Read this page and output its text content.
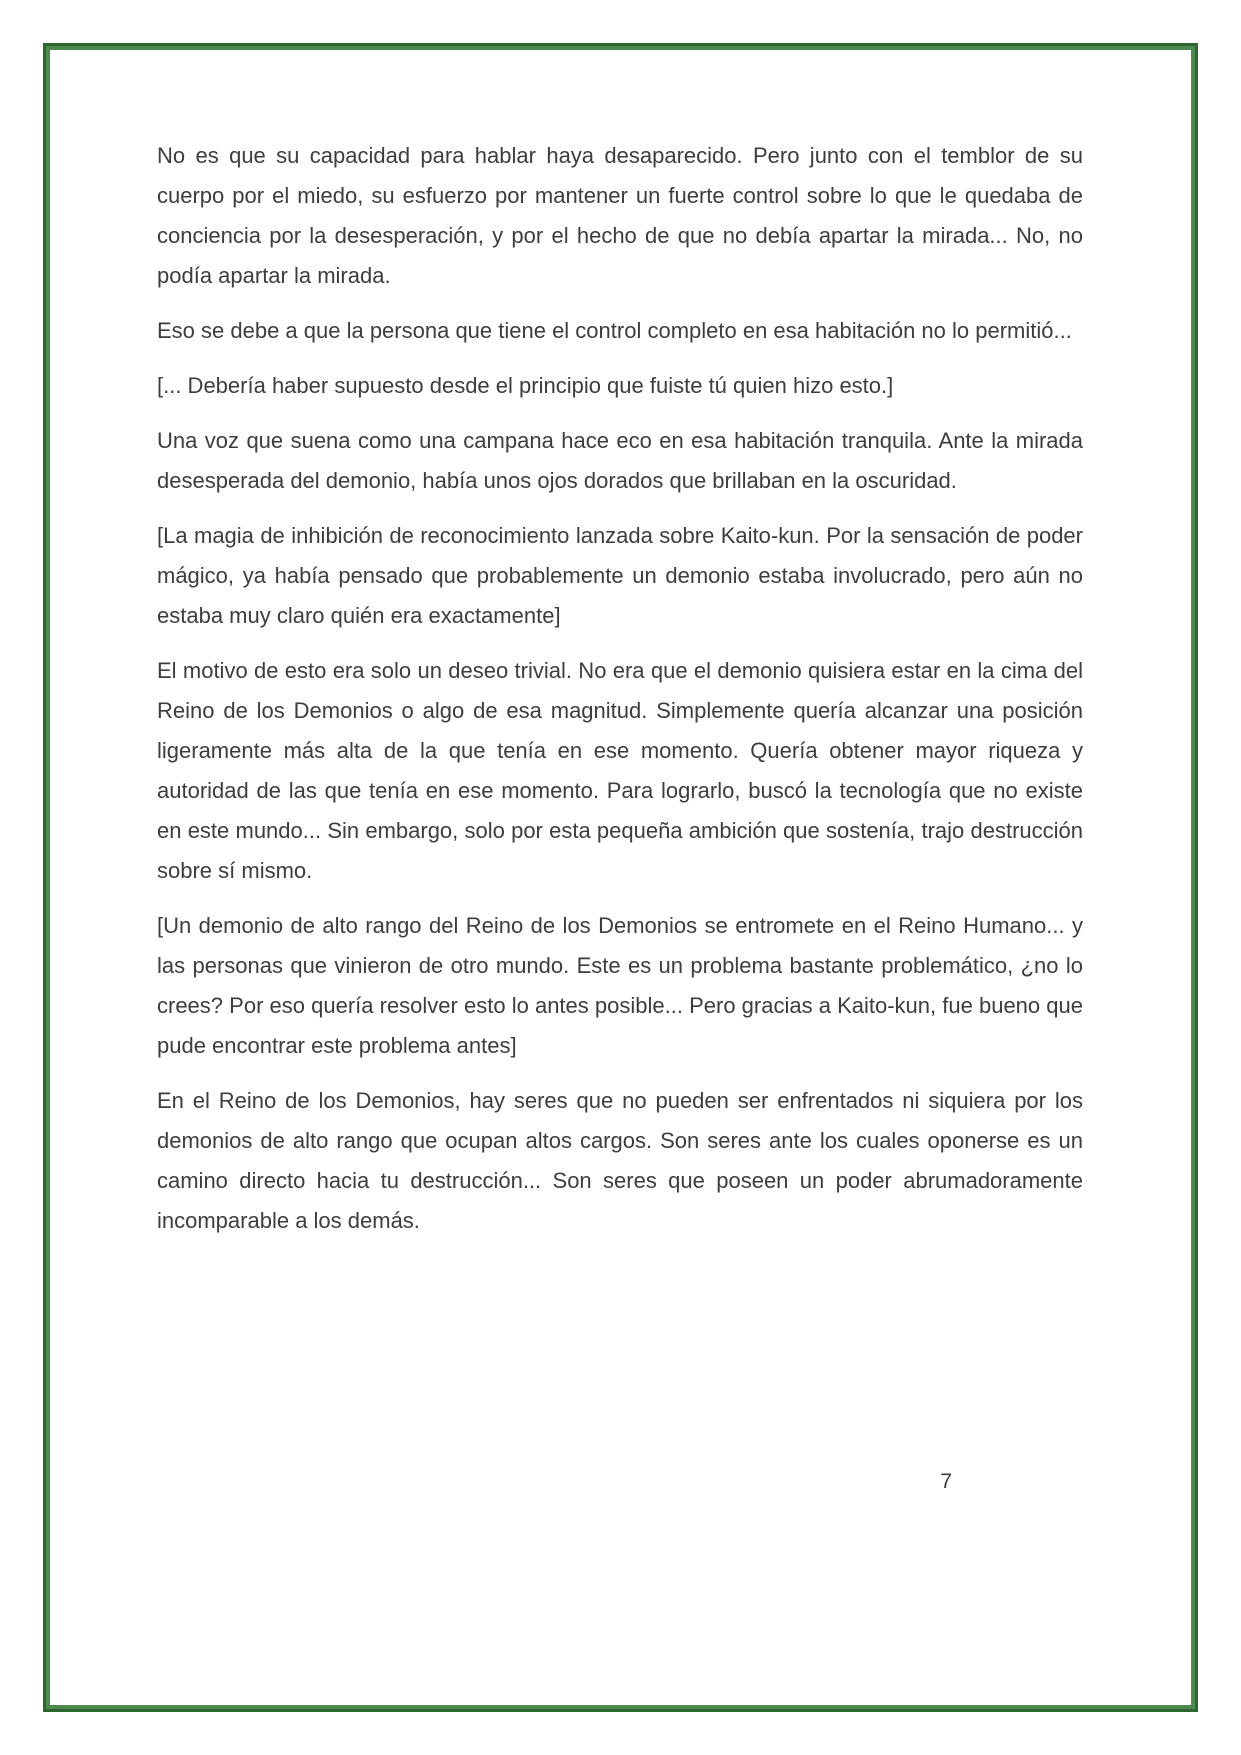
No es que su capacidad para hablar haya desaparecido. Pero junto con el temblor de su cuerpo por el miedo, su esfuerzo por mantener un fuerte control sobre lo que le quedaba de conciencia por la desesperación, y por el hecho de que no debía apartar la mirada... No, no podía apartar la mirada.

Eso se debe a que la persona que tiene el control completo en esa habitación no lo permitió...

[... Debería haber supuesto desde el principio que fuiste tú quien hizo esto.]

Una voz que suena como una campana hace eco en esa habitación tranquila. Ante la mirada desesperada del demonio, había unos ojos dorados que brillaban en la oscuridad.

[La magia de inhibición de reconocimiento lanzada sobre Kaito-kun. Por la sensación de poder mágico, ya había pensado que probablemente un demonio estaba involucrado, pero aún no estaba muy claro quién era exactamente]

El motivo de esto era solo un deseo trivial. No era que el demonio quisiera estar en la cima del Reino de los Demonios o algo de esa magnitud. Simplemente quería alcanzar una posición ligeramente más alta de la que tenía en ese momento. Quería obtener mayor riqueza y autoridad de las que tenía en ese momento. Para lograrlo, buscó la tecnología que no existe en este mundo... Sin embargo, solo por esta pequeña ambición que sostenía, trajo destrucción sobre sí mismo.

[Un demonio de alto rango del Reino de los Demonios se entromete en el Reino Humano... y las personas que vinieron de otro mundo. Este es un problema bastante problemático, ¿no lo crees? Por eso quería resolver esto lo antes posible... Pero gracias a Kaito-kun, fue bueno que pude encontrar este problema antes]

En el Reino de los Demonios, hay seres que no pueden ser enfrentados ni siquiera por los demonios de alto rango que ocupan altos cargos. Son seres ante los cuales oponerse es un camino directo hacia tu destrucción... Son seres que poseen un poder abrumadoramente incomparable a los demás.

7
